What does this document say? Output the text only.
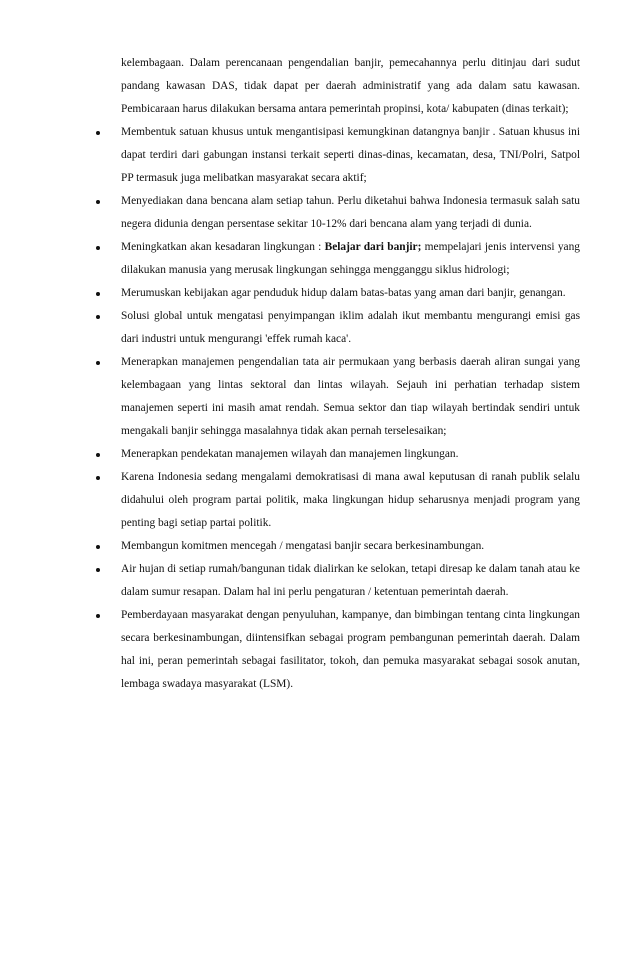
kelembagaan. Dalam perencanaan pengendalian banjir, pemecahannya perlu ditinjau dari sudut pandang kawasan DAS, tidak dapat per daerah administratif yang ada dalam satu kawasan. Pembicaraan harus dilakukan bersama antara pemerintah propinsi, kota/ kabupaten (dinas terkait);

Membentuk satuan khusus untuk mengantisipasi kemungkinan datangnya banjir . Satuan khusus ini dapat terdiri dari gabungan instansi terkait seperti dinas-dinas, kecamatan, desa, TNI/Polri, Satpol PP termasuk juga melibatkan masyarakat secara aktif;
Menyediakan dana bencana alam setiap tahun. Perlu diketahui bahwa Indonesia termasuk salah satu negera didunia dengan persentase sekitar 10-12% dari bencana alam yang terjadi di dunia.
Meningkatkan akan kesadaran lingkungan : Belajar dari banjir; mempelajari jenis intervensi yang dilakukan manusia yang merusak lingkungan sehingga mengganggu siklus hidrologi;
Merumuskan kebijakan agar penduduk hidup dalam batas-batas yang aman dari banjir, genangan.
Solusi global untuk mengatasi penyimpangan iklim adalah ikut membantu mengurangi emisi gas dari industri untuk mengurangi 'effek rumah kaca'.
Menerapkan manajemen pengendalian tata air permukaan yang berbasis daerah aliran sungai yang kelembagaan yang lintas sektoral dan lintas wilayah. Sejauh ini perhatian terhadap sistem manajemen seperti ini masih amat rendah. Semua sektor dan tiap wilayah bertindak sendiri untuk mengakali banjir sehingga masalahnya tidak akan pernah terselesaikan;
Menerapkan pendekatan manajemen wilayah dan manajemen lingkungan.
Karena Indonesia sedang mengalami demokratisasi di mana awal keputusan di ranah publik selalu didahului oleh program partai politik, maka lingkungan hidup seharusnya menjadi program yang penting bagi setiap partai politik.
Membangun komitmen mencegah / mengatasi banjir secara berkesinambungan.
Air hujan di setiap rumah/bangunan tidak dialirkan ke selokan, tetapi diresap ke dalam tanah atau ke dalam sumur resapan. Dalam hal ini perlu pengaturan / ketentuan pemerintah daerah.
Pemberdayaan masyarakat dengan penyuluhan, kampanye, dan bimbingan tentang cinta lingkungan secara berkesinambungan, diintensifkan sebagai program pembangunan pemerintah daerah. Dalam hal ini, peran pemerintah sebagai fasilitator, tokoh, dan pemuka masyarakat sebagai sosok anutan, lembaga swadaya masyarakat (LSM).
